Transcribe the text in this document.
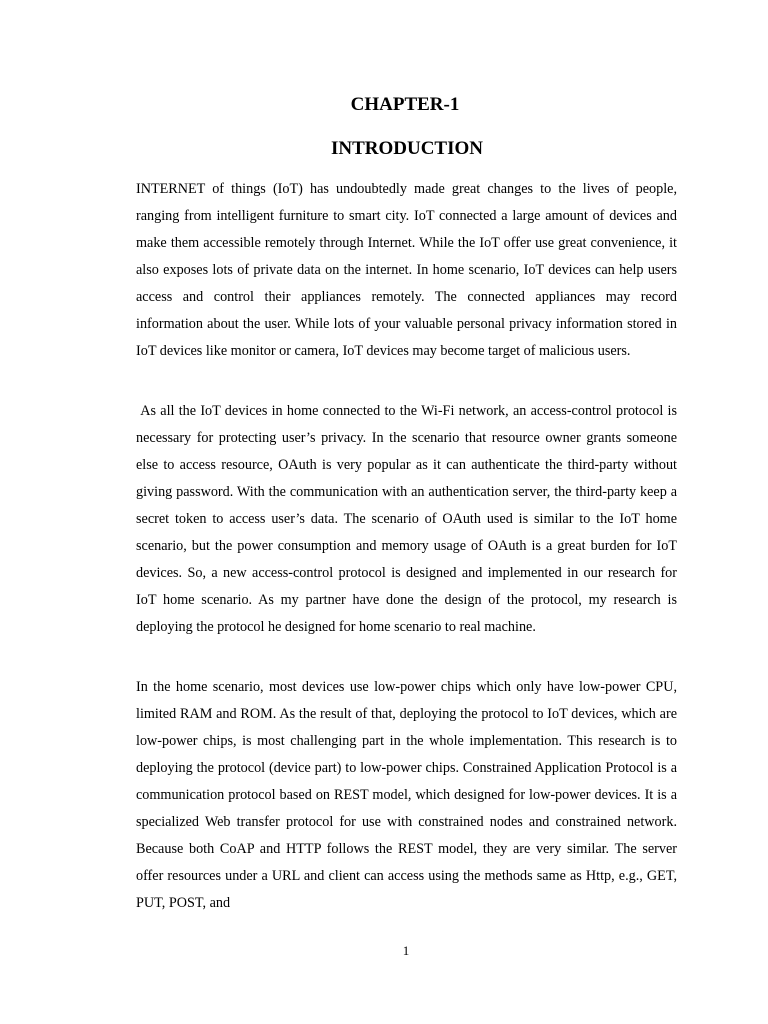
CHAPTER-1
INTRODUCTION

INTERNET of things (IoT) has undoubtedly made great changes to the lives of people, ranging from intelligent furniture to smart city. IoT connected a large amount of devices and make them accessible remotely through Internet. While the IoT offer use great convenience, it also exposes lots of private data on the internet. In home scenario, IoT devices can help users access and control their appliances remotely. The connected appliances may record information about the user. While lots of your valuable personal privacy information stored in IoT devices like monitor or camera, IoT devices may become target of malicious users.

As all the IoT devices in home connected to the Wi-Fi network, an access-control protocol is necessary for protecting user’s privacy. In the scenario that resource owner grants someone else to access resource, OAuth is very popular as it can authenticate the third-party without giving password. With the communication with an authentication server, the third-party keep a secret token to access user’s data. The scenario of OAuth used is similar to the IoT home scenario, but the power consumption and memory usage of OAuth is a great burden for IoT devices. So, a new access-control protocol is designed and implemented in our research for IoT home scenario. As my partner have done the design of the protocol, my research is deploying the protocol he designed for home scenario to real machine.

In the home scenario, most devices use low-power chips which only have low-power CPU, limited RAM and ROM. As the result of that, deploying the protocol to IoT devices, which are low-power chips, is most challenging part in the whole implementation. This research is to deploying the protocol (device part) to low-power chips. Constrained Application Protocol is a communication protocol based on REST model, which designed for low-power devices. It is a specialized Web transfer protocol for use with constrained nodes and constrained network. Because both CoAP and HTTP follows the REST model, they are very similar. The server offer resources under a URL and client can access using the methods same as Http, e.g., GET, PUT, POST, and

1
